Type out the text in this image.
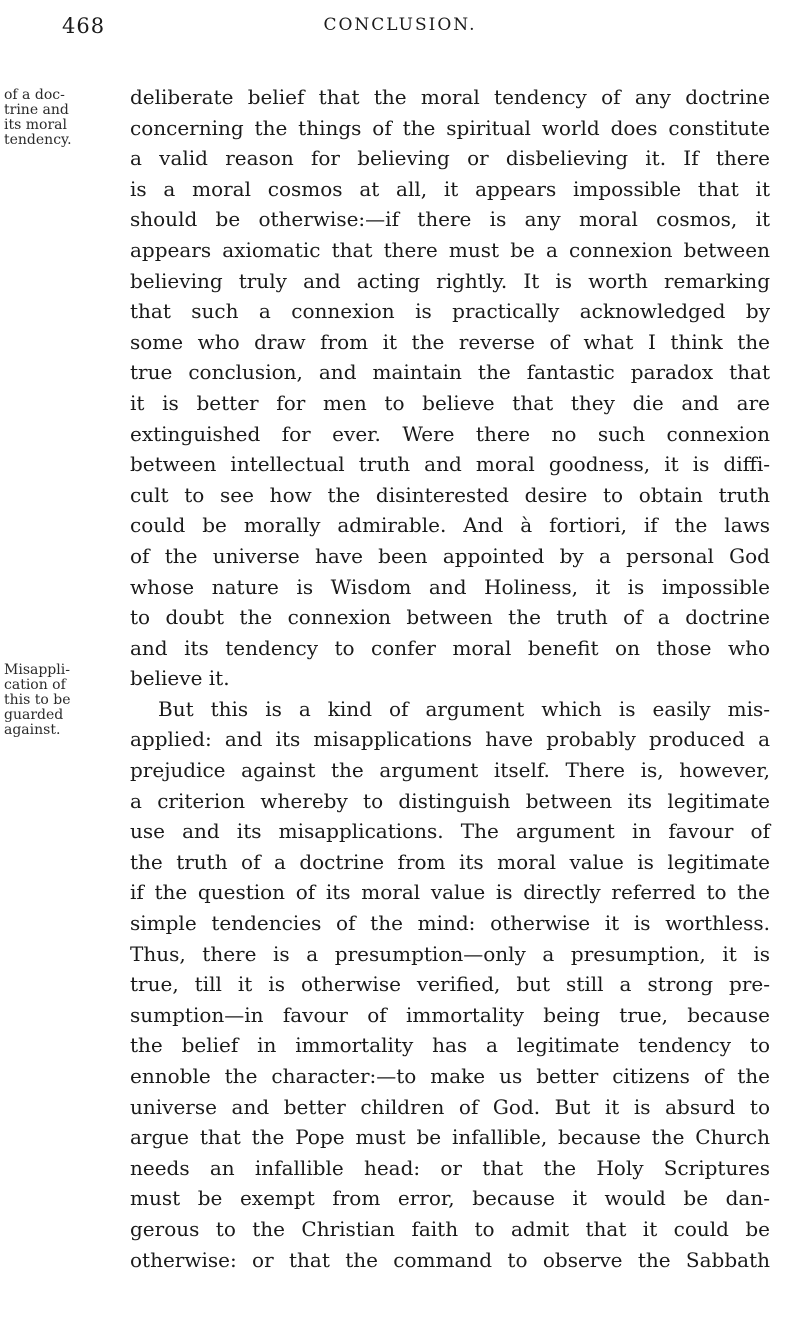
468	CONCLUSION.
of a doc-
trine and
its moral
tendency.
Misappli-
cation of
this to be
guarded
against.
deliberate belief that the moral tendency of any doctrine
concerning the things of the spiritual world does constitute
a valid reason for believing or disbelieving it. If there
is a moral cosmos at all, it appears impossible that it
should be otherwise:—if there is any moral cosmos, it
appears axiomatic that there must be a connexion between
believing truly and acting rightly. It is worth remarking
that such a connexion is practically acknowledged by
some who draw from it the reverse of what I think the
true conclusion, and maintain the fantastic paradox that
it is better for men to believe that they die and are
extinguished for ever. Were there no such connexion
between intellectual truth and moral goodness, it is diffi-
cult to see how the disinterested desire to obtain truth
could be morally admirable. And à fortiori, if the laws
of the universe have been appointed by a personal God
whose nature is Wisdom and Holiness, it is impossible
to doubt the connexion between the truth of a doctrine
and its tendency to confer moral benefit on those who
believe it.
But this is a kind of argument which is easily mis-
applied: and its misapplications have probably produced a
prejudice against the argument itself. There is, however,
a criterion whereby to distinguish between its legitimate
use and its misapplications. The argument in favour of
the truth of a doctrine from its moral value is legitimate
if the question of its moral value is directly referred to the
simple tendencies of the mind: otherwise it is worthless.
Thus, there is a presumption—only a presumption, it is
true, till it is otherwise verified, but still a strong pre-
sumption—in favour of immortality being true, because
the belief in immortality has a legitimate tendency to
ennoble the character:—to make us better citizens of the
universe and better children of God. But it is absurd to
argue that the Pope must be infallible, because the Church
needs an infallible head: or that the Holy Scriptures
must be exempt from error, because it would be dan-
gerous to the Christian faith to admit that it could be
otherwise: or that the command to observe the Sabbath
